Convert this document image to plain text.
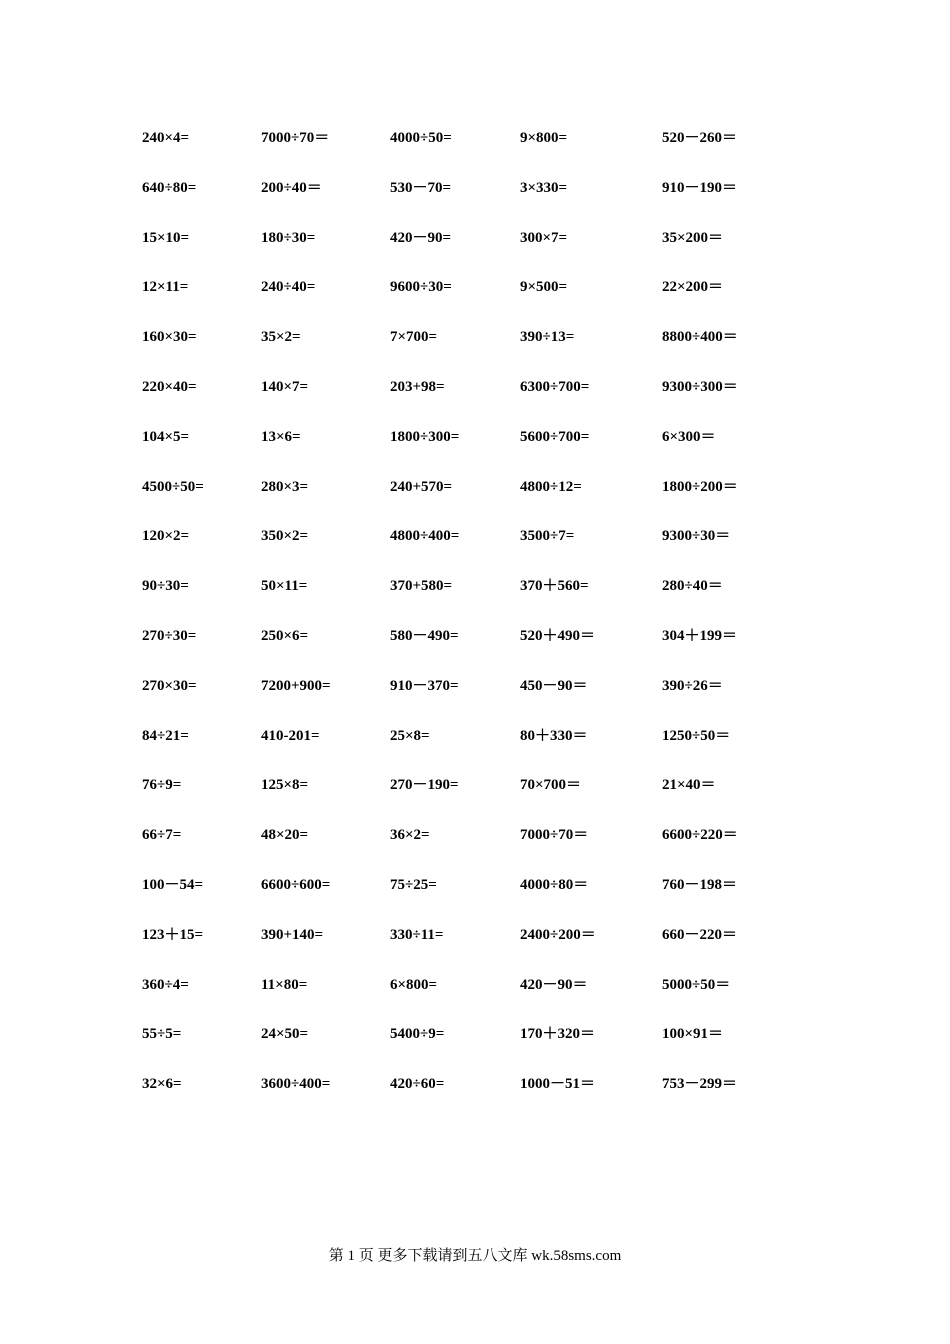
240×4=	7000÷70＝	4000÷50=	9×800=	520－260＝
640÷80=	200÷40＝	530－70=	3×330=	910－190＝
15×10=	180÷30=	420－90=	300×7=	35×200＝
12×11=	240÷40=	9600÷30=	9×500=	22×200＝
160×30=	35×2=	7×700=	390÷13=	8800÷400＝
220×40=	140×7=	203+98=	6300÷700=	9300÷300＝
104×5=	13×6=	1800÷300=	5600÷700=	6×300＝
4500÷50=	280×3=	240+570=	4800÷12=	1800÷200＝
120×2=	350×2=	4800÷400=	3500÷7=	9300÷30＝
90÷30=	50×11=	370+580=	370＋560=	280÷40＝
270÷30=	250×6=	580－490=	520＋490＝	304＋199＝
270×30=	7200+900=	910－370=	450－90＝	390÷26＝
84÷21=	410-201=	25×8=	80＋330＝	1250÷50＝
76÷9=	125×8=	270－190=	70×700＝	21×40＝
66÷7=	48×20=	36×2=	7000÷70＝	6600÷220＝
100－54=	6600÷600=	75÷25=	4000÷80＝	760－198＝
123＋15=	390+140=	330÷11=	2400÷200＝	660－220＝
360÷4=	11×80=	6×800=	420－90＝	5000÷50＝
55÷5=	24×50=	5400÷9=	170＋320＝	100×91＝
32×6=	3600÷400=	420÷60=	1000－51＝	753－299＝
第 1 页 更多下载请到五八文库 wk.58sms.com
